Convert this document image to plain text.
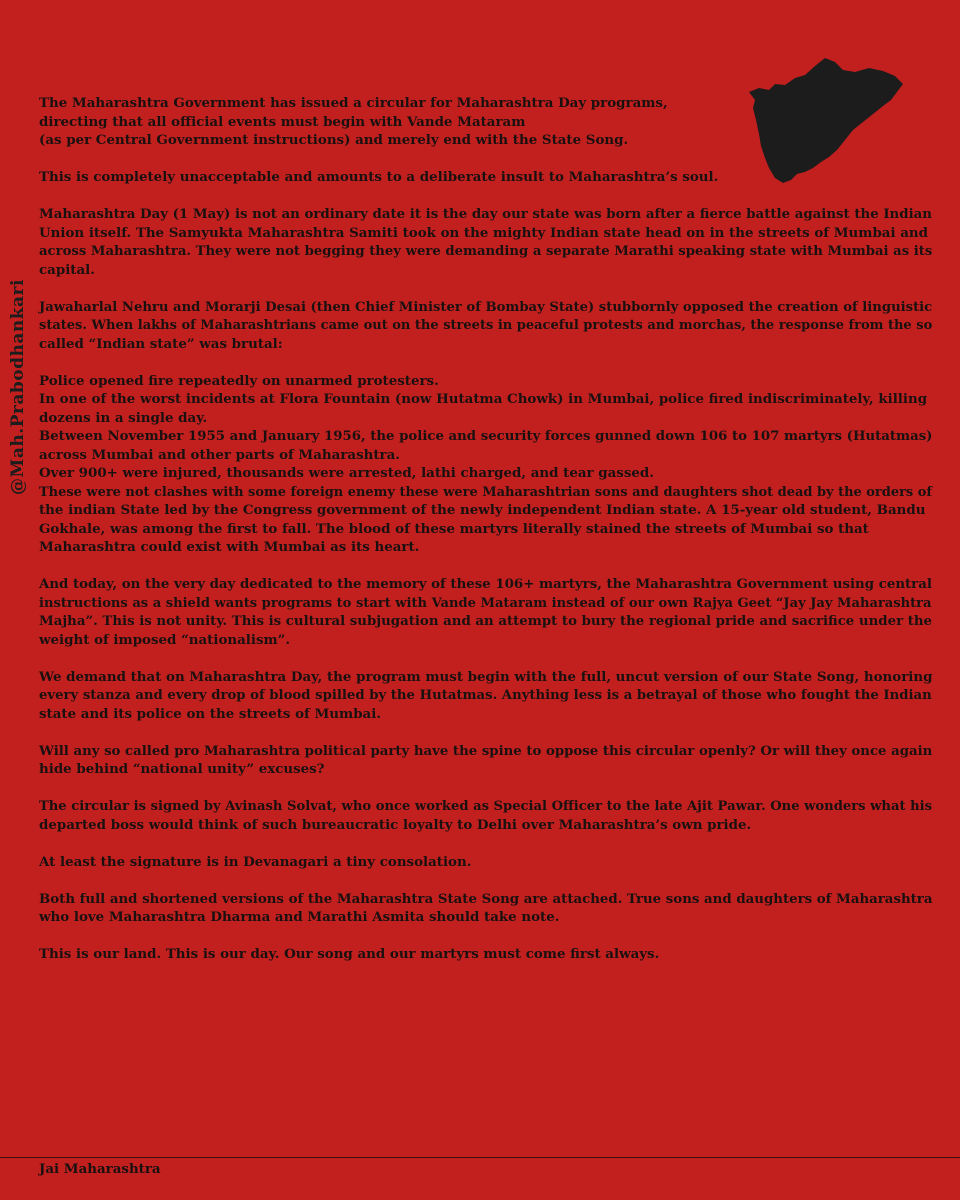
@Mah.Prabodhankari

The Maharashtra Government has issued a circular for Maharashtra Day programs,
directing that all official events must begin with Vande Mataram
(as per Central Government instructions) and merely end with the State Song.

This is completely unacceptable and amounts to a deliberate insult to Maharashtra’s soul.

Maharashtra Day (1 May) is not an ordinary date it is the day our state was born after a fierce battle against the Indian
Union itself. The Samyukta Maharashtra Samiti took on the mighty Indian state head on in the streets of Mumbai and
across Maharashtra. They were not begging they were demanding a separate Marathi speaking state with Mumbai as its
capital.

Jawaharlal Nehru and Morarji Desai (then Chief Minister of Bombay State) stubbornly opposed the creation of linguistic
states. When lakhs of Maharashtrians came out on the streets in peaceful protests and morchas, the response from the so
called “Indian state” was brutal:

Police opened fire repeatedly on unarmed protesters.
In one of the worst incidents at Flora Fountain (now Hutatma Chowk) in Mumbai, police fired indiscriminately, killing
dozens in a single day.
Between November 1955 and January 1956, the police and security forces gunned down 106 to 107 martyrs (Hutatmas)
across Mumbai and other parts of Maharashtra.
Over 900+ were injured, thousands were arrested, lathi charged, and tear gassed.
These were not clashes with some foreign enemy these were Maharashtrian sons and daughters shot dead by the orders of
the indian State led by the Congress government of the newly independent Indian state. A 15-year old student, Bandu
Gokhale, was among the first to fall. The blood of these martyrs literally stained the streets of Mumbai so that
Maharashtra could exist with Mumbai as its heart.

And today, on the very day dedicated to the memory of these 106+ martyrs, the Maharashtra Government using central
instructions as a shield wants programs to start with Vande Mataram instead of our own Rajya Geet “Jay Jay Maharashtra
Majha”. This is not unity. This is cultural subjugation and an attempt to bury the regional pride and sacrifice under the
weight of imposed “nationalism”.

We demand that on Maharashtra Day, the program must begin with the full, uncut version of our State Song, honoring
every stanza and every drop of blood spilled by the Hutatmas. Anything less is a betrayal of those who fought the Indian
state and its police on the streets of Mumbai.

Will any so called pro Maharashtra political party have the spine to oppose this circular openly? Or will they once again
hide behind “national unity” excuses?

The circular is signed by Avinash Solvat, who once worked as Special Officer to the late Ajit Pawar. One wonders what his
departed boss would think of such bureaucratic loyalty to Delhi over Maharashtra’s own pride.

At least the signature is in Devanagari a tiny consolation.

Both full and shortened versions of the Maharashtra State Song are attached. True sons and daughters of Maharashtra
who love Maharashtra Dharma and Marathi Asmita should take note.

This is our land. This is our day. Our song and our martyrs must come first always.

Jai Maharashtra
